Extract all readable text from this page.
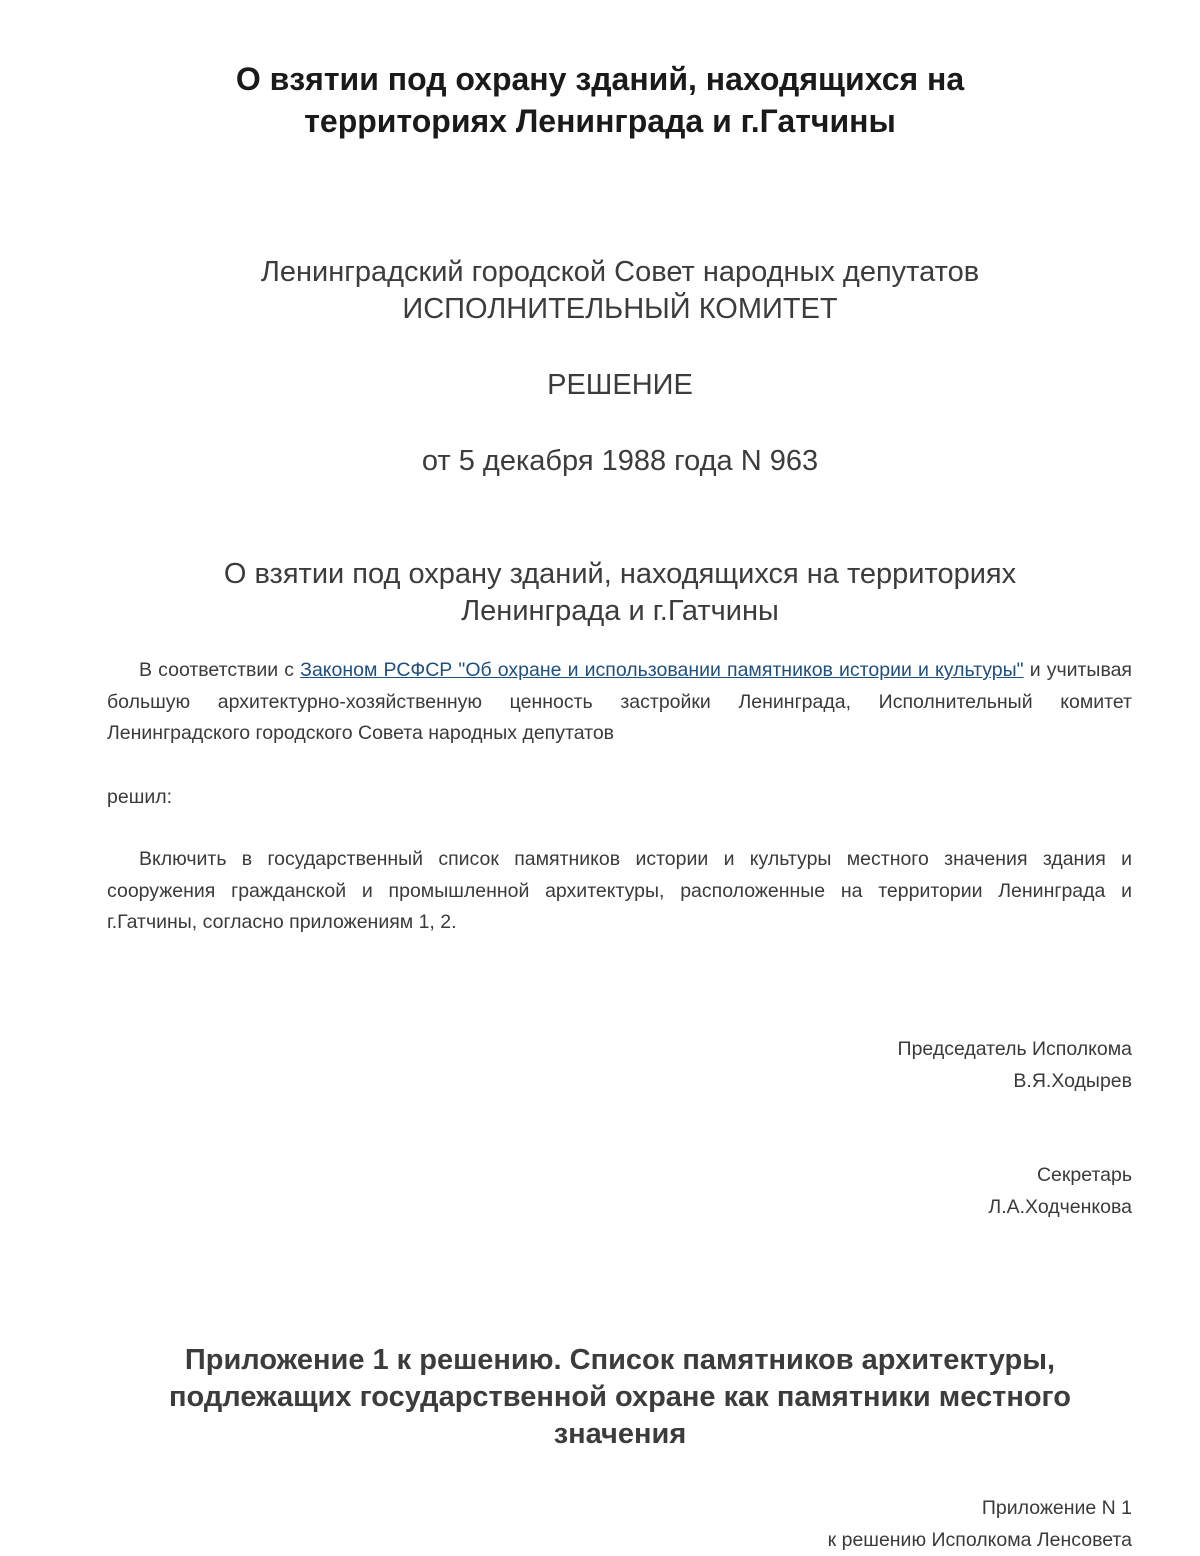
О взятии под охрану зданий, находящихся на
территориях Ленинграда и г.Гатчины
Ленинградский городской Совет народных депутатов
ИСПОЛНИТЕЛЬНЫЙ КОМИТЕТ
РЕШЕНИЕ
от 5 декабря 1988 года N 963
О взятии под охрану зданий, находящихся на территориях
Ленинграда и г.Гатчины

В соответствии с Законом РСФСР "Об охране и использовании памятников истории и культуры" и учитывая большую архитектурно-хозяйственную ценность застройки Ленинграда, Исполнительный комитет Ленинградского городского Совета народных депутатов

решил:

Включить в государственный список памятников истории и культуры местного значения здания и сооружения гражданской и промышленной архитектуры, расположенные на территории Ленинграда и г.Гатчины, согласно приложениям 1, 2.

Председатель Исполкома
В.Я.Ходырев
Секретарь
Л.А.Ходченкова
Приложение 1 к решению. Список памятников архитектуры,
подлежащих государственной охране как памятники местного
значения
Приложение N 1
к решению Исполкома Ленсовета
